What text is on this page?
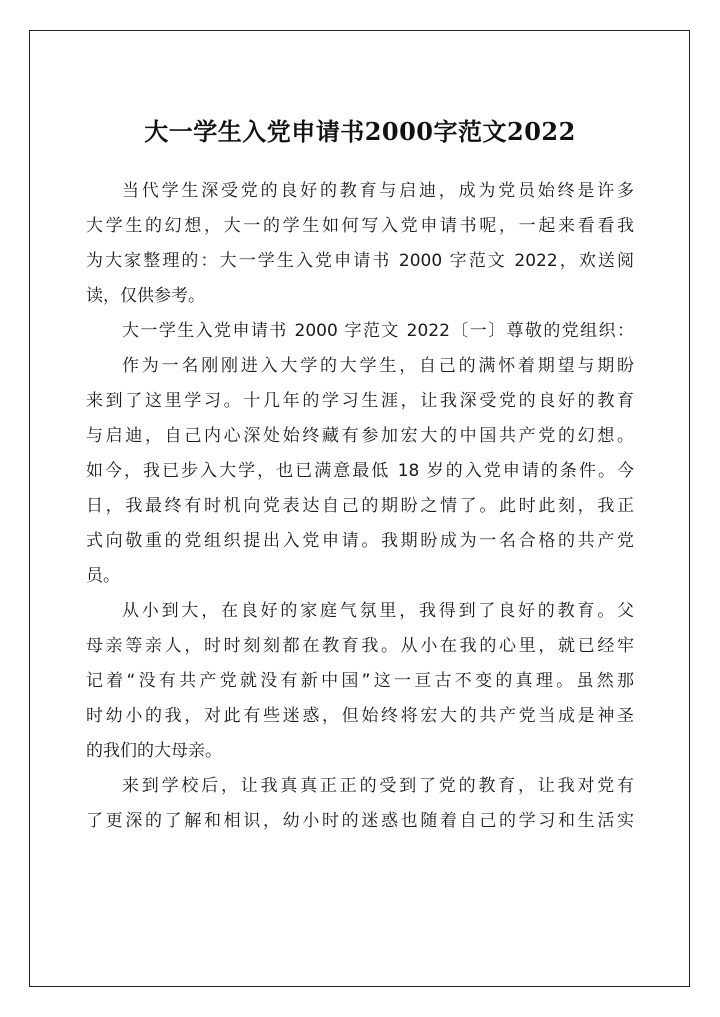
大一学生入党申请书2000字范文2022
当代学生深受党的良好的教育与启迪，成为党员始终是许多
大学生的幻想，大一的学生如何写入党申请书呢，一起来看看我
为大家整理的：大一学生入党申请书 2000 字范文 2022，欢送阅
读，仅供参考。
大一学生入党申请书 2000 字范文 2022〔一〕尊敬的党组织：
作为一名刚刚进入大学的大学生，自己的满怀着期望与期盼
来到了这里学习。十几年的学习生涯，让我深受党的良好的教育
与启迪，自己内心深处始终藏有参加宏大的中国共产党的幻想。
如今，我已步入大学，也已满意最低 18 岁的入党申请的条件。今
日，我最终有时机向党表达自己的期盼之情了。此时此刻，我正
式向敬重的党组织提出入党申请。我期盼成为一名合格的共产党
员。
从小到大，在良好的家庭气氛里，我得到了良好的教育。父
母亲等亲人，时时刻刻都在教育我。从小在我的心里，就已经牢
记着“没有共产党就没有新中国”这一亘古不变的真理。虽然那
时幼小的我，对此有些迷惑，但始终将宏大的共产党当成是神圣
的我们的大母亲。
来到学校后，让我真真正正的受到了党的教育，让我对党有
了更深的了解和相识，幼小时的迷惑也随着自己的学习和生活实
